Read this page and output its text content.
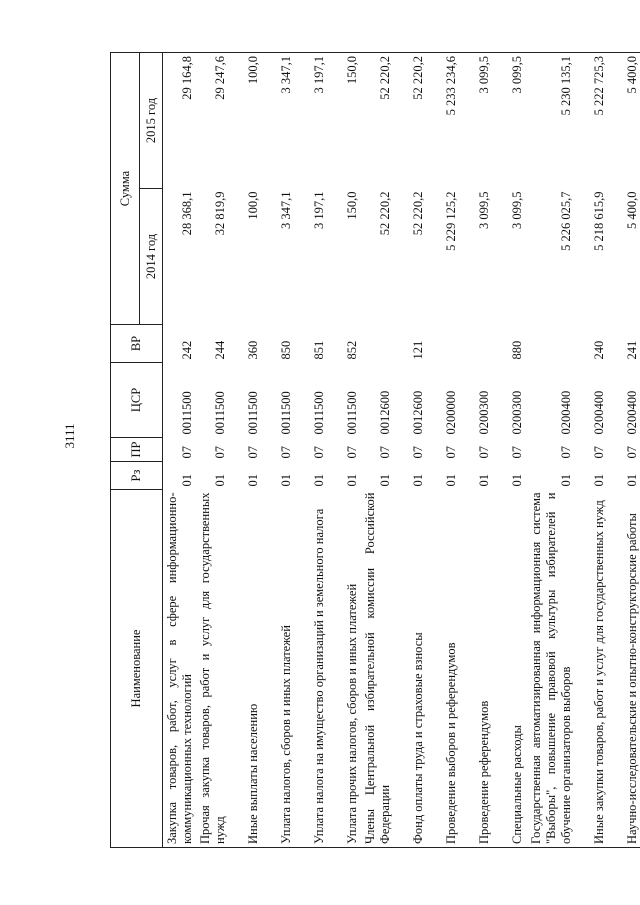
3111
Наименование	Рз	ПР	ЦСР	ВР	Сумма	
					2014 год	2015 год
Закупка товаров, работ, услуг в сфере информационно-коммуникационных технологий	01	07	0011500	242	28 368,1	29 164,8
Прочая закупка товаров, работ и услуг для государственных нужд	01	07	0011500	244	32 819,9	29 247,6
Иные выплаты населению	01	07	0011500	360	100,0	100,0
Уплата налогов, сборов и иных платежей	01	07	0011500	850	3 347,1	3 347,1
Уплата налога на имущество организаций и земельного налога	01	07	0011500	851	3 197,1	3 197,1
Уплата прочих налогов, сборов и иных платежей	01	07	0011500	852	150,0	150,0
Члены Центральной избирательной комиссии Российской Федерации	01	07	0012600		52 220,2	52 220,2
Фонд оплаты труда и страховые взносы	01	07	0012600	121	52 220,2	52 220,2
Проведение выборов и референдумов	01	07	0200000		5 229 125,2	5 233 234,6
Проведение референдумов	01	07	0200300		3 099,5	3 099,5
Специальные расходы	01	07	0200300	880	3 099,5	3 099,5
Государственная автоматизированная информационная система "Выборы", повышение правовой культуры избирателей и обучение организаторов выборов	01	07	0200400		5 226 025,7	5 230 135,1
Иные закупки товаров, работ и услуг для государственных нужд	01	07	0200400	240	5 218 615,9	5 222 725,3
Научно-исследовательские и опытно-конструкторские работы	01	07	0200400	241	5 400,0	5 400,0
